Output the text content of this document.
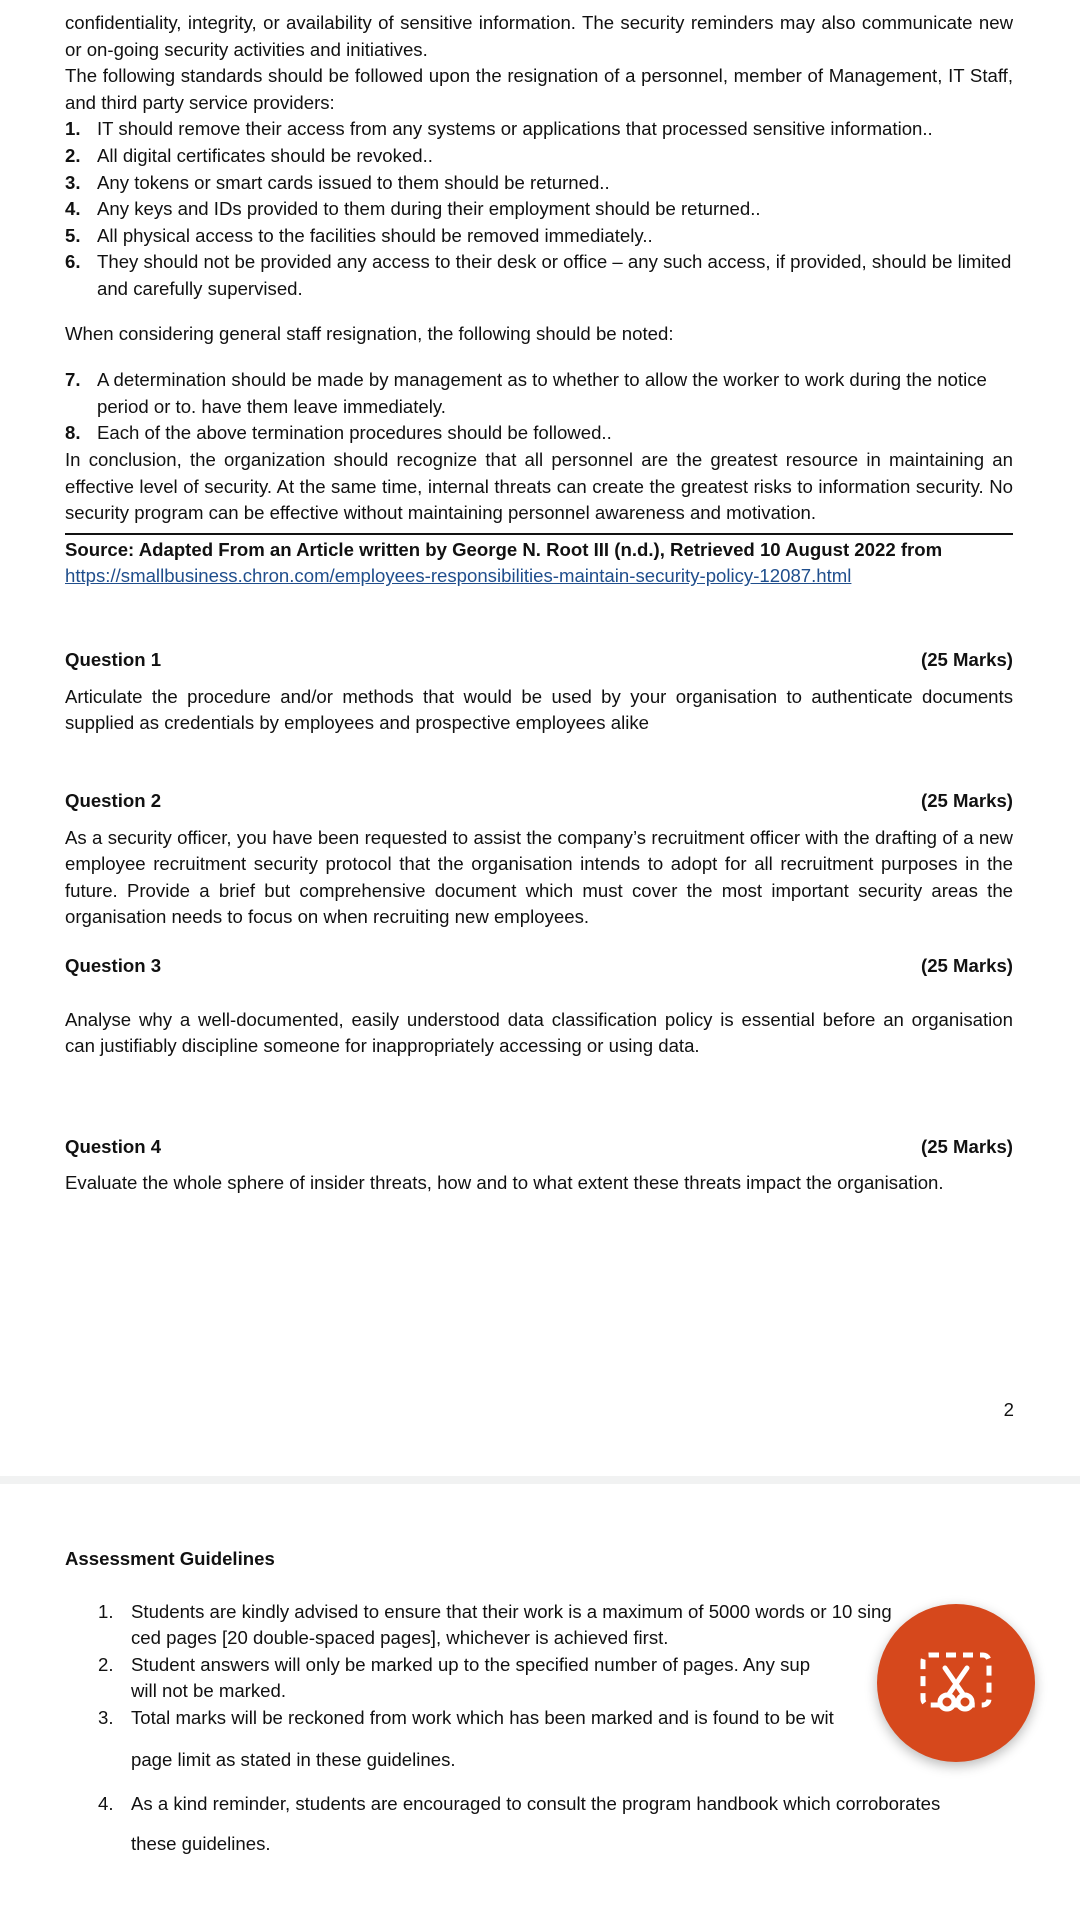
confidentiality, integrity, or availability of sensitive information. The security reminders may also communicate new or on-going security activities and initiatives.

The following standards should be followed upon the resignation of a personnel, member of Management, IT Staff, and third party service providers:

1. IT should remove their access from any systems or applications that processed sensitive information..
2. All digital certificates should be revoked..
3. Any tokens or smart cards issued to them should be returned..
4. Any keys and IDs provided to them during their employment should be returned..
5. All physical access to the facilities should be removed immediately..
6. They should not be provided any access to their desk or office – any such access, if provided, should be limited and carefully supervised.

When considering general staff resignation, the following should be noted:

7. A determination should be made by management as to whether to allow the worker to work during the notice period or to. have them leave immediately.
8. Each of the above termination procedures should be followed..

In conclusion, the organization should recognize that all personnel are the greatest resource in maintaining an effective level of security. At the same time, internal threats can create the greatest risks to information security. No security program can be effective without maintaining personnel awareness and motivation.

Source: Adapted From an Article written by George N. Root III (n.d.), Retrieved 10 August 2022 from
https://smallbusiness.chron.com/employees-responsibilities-maintain-security-policy-12087.html
Question 1	(25 Marks)

Articulate the procedure and/or methods that would be used by your organisation to authenticate documents supplied as credentials by employees and prospective employees alike

Question 2	(25 Marks)

As a security officer, you have been requested to assist the company’s recruitment officer with the drafting of a new employee recruitment security protocol that the organisation intends to adopt for all recruitment purposes in the future. Provide a brief but comprehensive document which must cover the most important security areas the organisation needs to focus on when recruiting new employees.

Question 3	(25 Marks)

Analyse why a well-documented, easily understood data classification policy is essential before an organisation can justifiably discipline someone for inappropriately accessing or using data.

Question 4	(25 Marks)

Evaluate the whole sphere of insider threats, how and to what extent these threats impact the organisation.

2
Assessment Guidelines
1. Students are kindly advised to ensure that their work is a maximum of 5000 words or 10 sing
ced pages [20 double-spaced pages], whichever is achieved first.
2. Student answers will only be marked up to the specified number of pages. Any sup
will not be marked.
3. Total marks will be reckoned from work which has been marked and is found to be wit
page limit as stated in these guidelines.
4. As a kind reminder, students are encouraged to consult the program handbook which corroborates
these guidelines.
